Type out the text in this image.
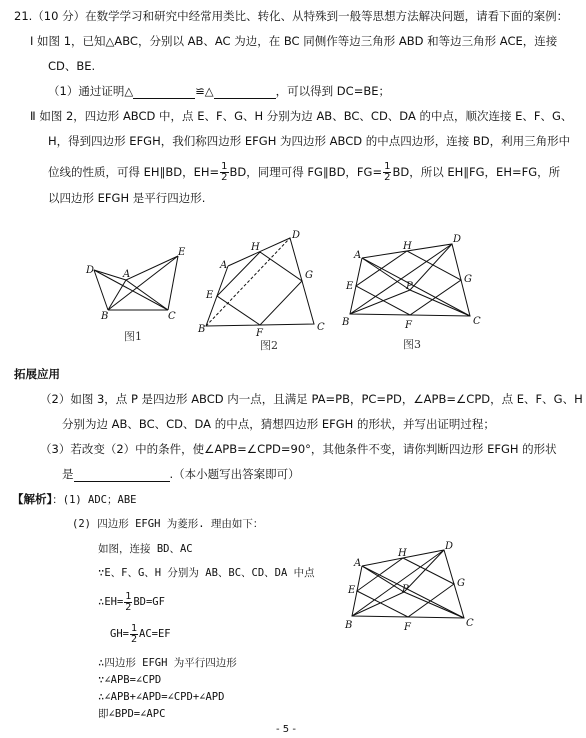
21.（10 分）在数学学习和研究中经常用类比、转化、从特殊到一般等思想方法解决问题，请看下面的案例：
Ⅰ 如图 1，已知△ABC，分别以 AB、AC 为边，在 BC 同侧作等边三角形 ABD 和等边三角形 ACE，连接
CD、BE.
（1）通过证明△	≌△	，可以得到 DC=BE；
Ⅱ 如图 2，四边形 ABCD 中，点 E、F、G、H 分别为边 AB、BC、CD、DA 的中点，顺次连接 E、F、G、
H，得到四边形 EFGH，我们称四边形 EFGH 为四边形 ABCD 的中点四边形，连接 BD，利用三角形中
位线的性质，可得 EH∥BD，$EH= \frac{1}{2}$ BD，同理可得 FG∥BD，$FG= \frac{1}{2}$ BD，所以 EH∥FG，EH=FG，所
以四边形 EFGH 是平行四边形.
D	A
E
B	C
图1
A
H
D
E
G
B	F
C
图2
A
H
D
E	P
G
B	F	C
图3
拓展应用
（2）如图 3，点 P 是四边形 ABCD 内一点，且满足 PA=PB，PC=PD，∠APB=∠CPD，点 E、F、G、H
分别为边 AB、BC、CD、DA 的中点，猜想四边形 EFGH 的形状，并写出证明过程；
（3）若改变（2）中的条件，使∠APB=∠CPD=90°，其他条件不变，请你判断四边形 EFGH 的形状
是	.（本小题写出答案即可）
【解析】：(1) ADC；ABE
(2) 四边形 EFGH 为菱形. 理由如下：
如图，连接 BD、AC
∵E、F、G、H 分别为 AB、BC、CD、DA 中点
∴EH= $\frac{1}{2} BD=GF$
$GH= \frac{1}{2} AC=EF$
∴四边形 EFGH 为平行四边形
∵∠APB=∠CPD
∴∠APB+∠APD=∠CPD+∠APD
即∠BPD=∠APC
A
H
D
E	P
G
B	F	C
- 5 -
